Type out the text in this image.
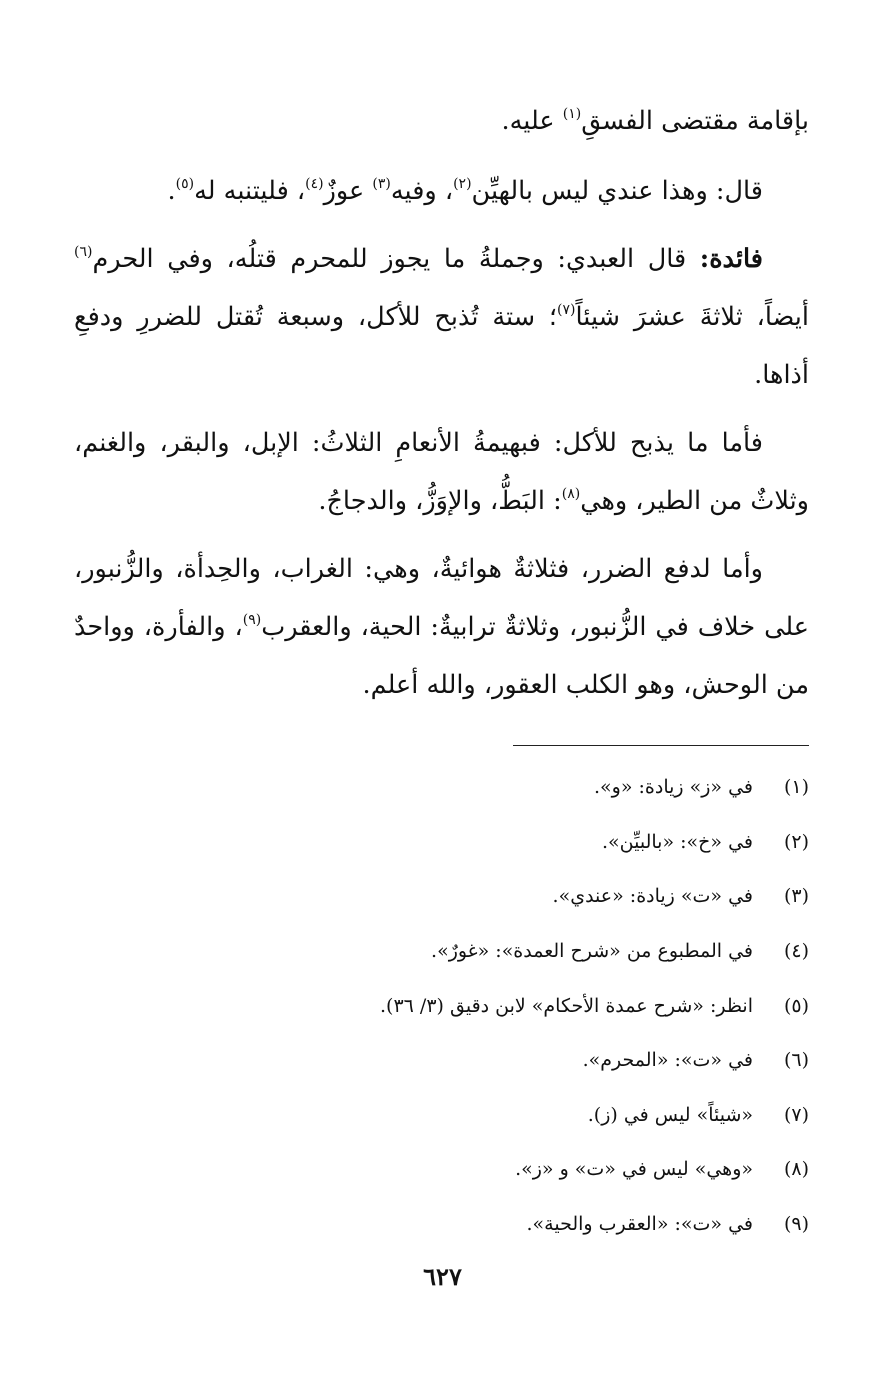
بإقامة مقتضى الفسقِ$^{(١)}$ عليه.

قال: وهذا عندي ليس بالهيِّن$^{(٢)}$، وفيه$^{(٣)}$ عوزٌ$^{(٤)}$، فليتنبه له$^{(٥)}$.

فائدة: قال العبدي: وجملةُ ما يجوز للمحرم قتلُه، وفي الحرم$^{(٦)}$ أيضاً، ثلاثةَ عشرَ شيئاً$^{(٧)}$؛ ستة تُذبح للأكل، وسبعة تُقتل للضررِ ودفعِ أذاها.

فأما ما يذبح للأكل: فبهيمةُ الأنعامِ الثلاثُ: الإبل، والبقر، والغنم، وثلاثٌ من الطير، وهي$^{(٨)}$: البَطُّ، والإوَزُّ، والدجاجُ.

وأما لدفع الضرر، فثلاثةٌ هوائيةٌ، وهي: الغراب، والحِدأة، والزُّنبور، على خلاف في الزُّنبور، وثلاثةٌ ترابيةٌ: الحية، والعقرب$^{(٩)}$، والفأرة، وواحدٌ من الوحش، وهو الكلب العقور، والله أعلم.

(١)
في «ز» زيادة: «و».
(٢)
في «خ»: «بالبيِّن».
(٣)
في «ت» زيادة: «عندي».
(٤)
في المطبوع من «شرح العمدة»: «غورٌ».
(٥)
انظر: «شرح عمدة الأحكام» لابن دقيق (٣/ ٣٦).
(٦)
في «ت»: «المحرم».
(٧)
«شيئاً» ليس في (ز).
(٨)
«وهي» ليس في «ت» و «ز».
(٩)
في «ت»: «العقرب والحية».
٦٢٧
